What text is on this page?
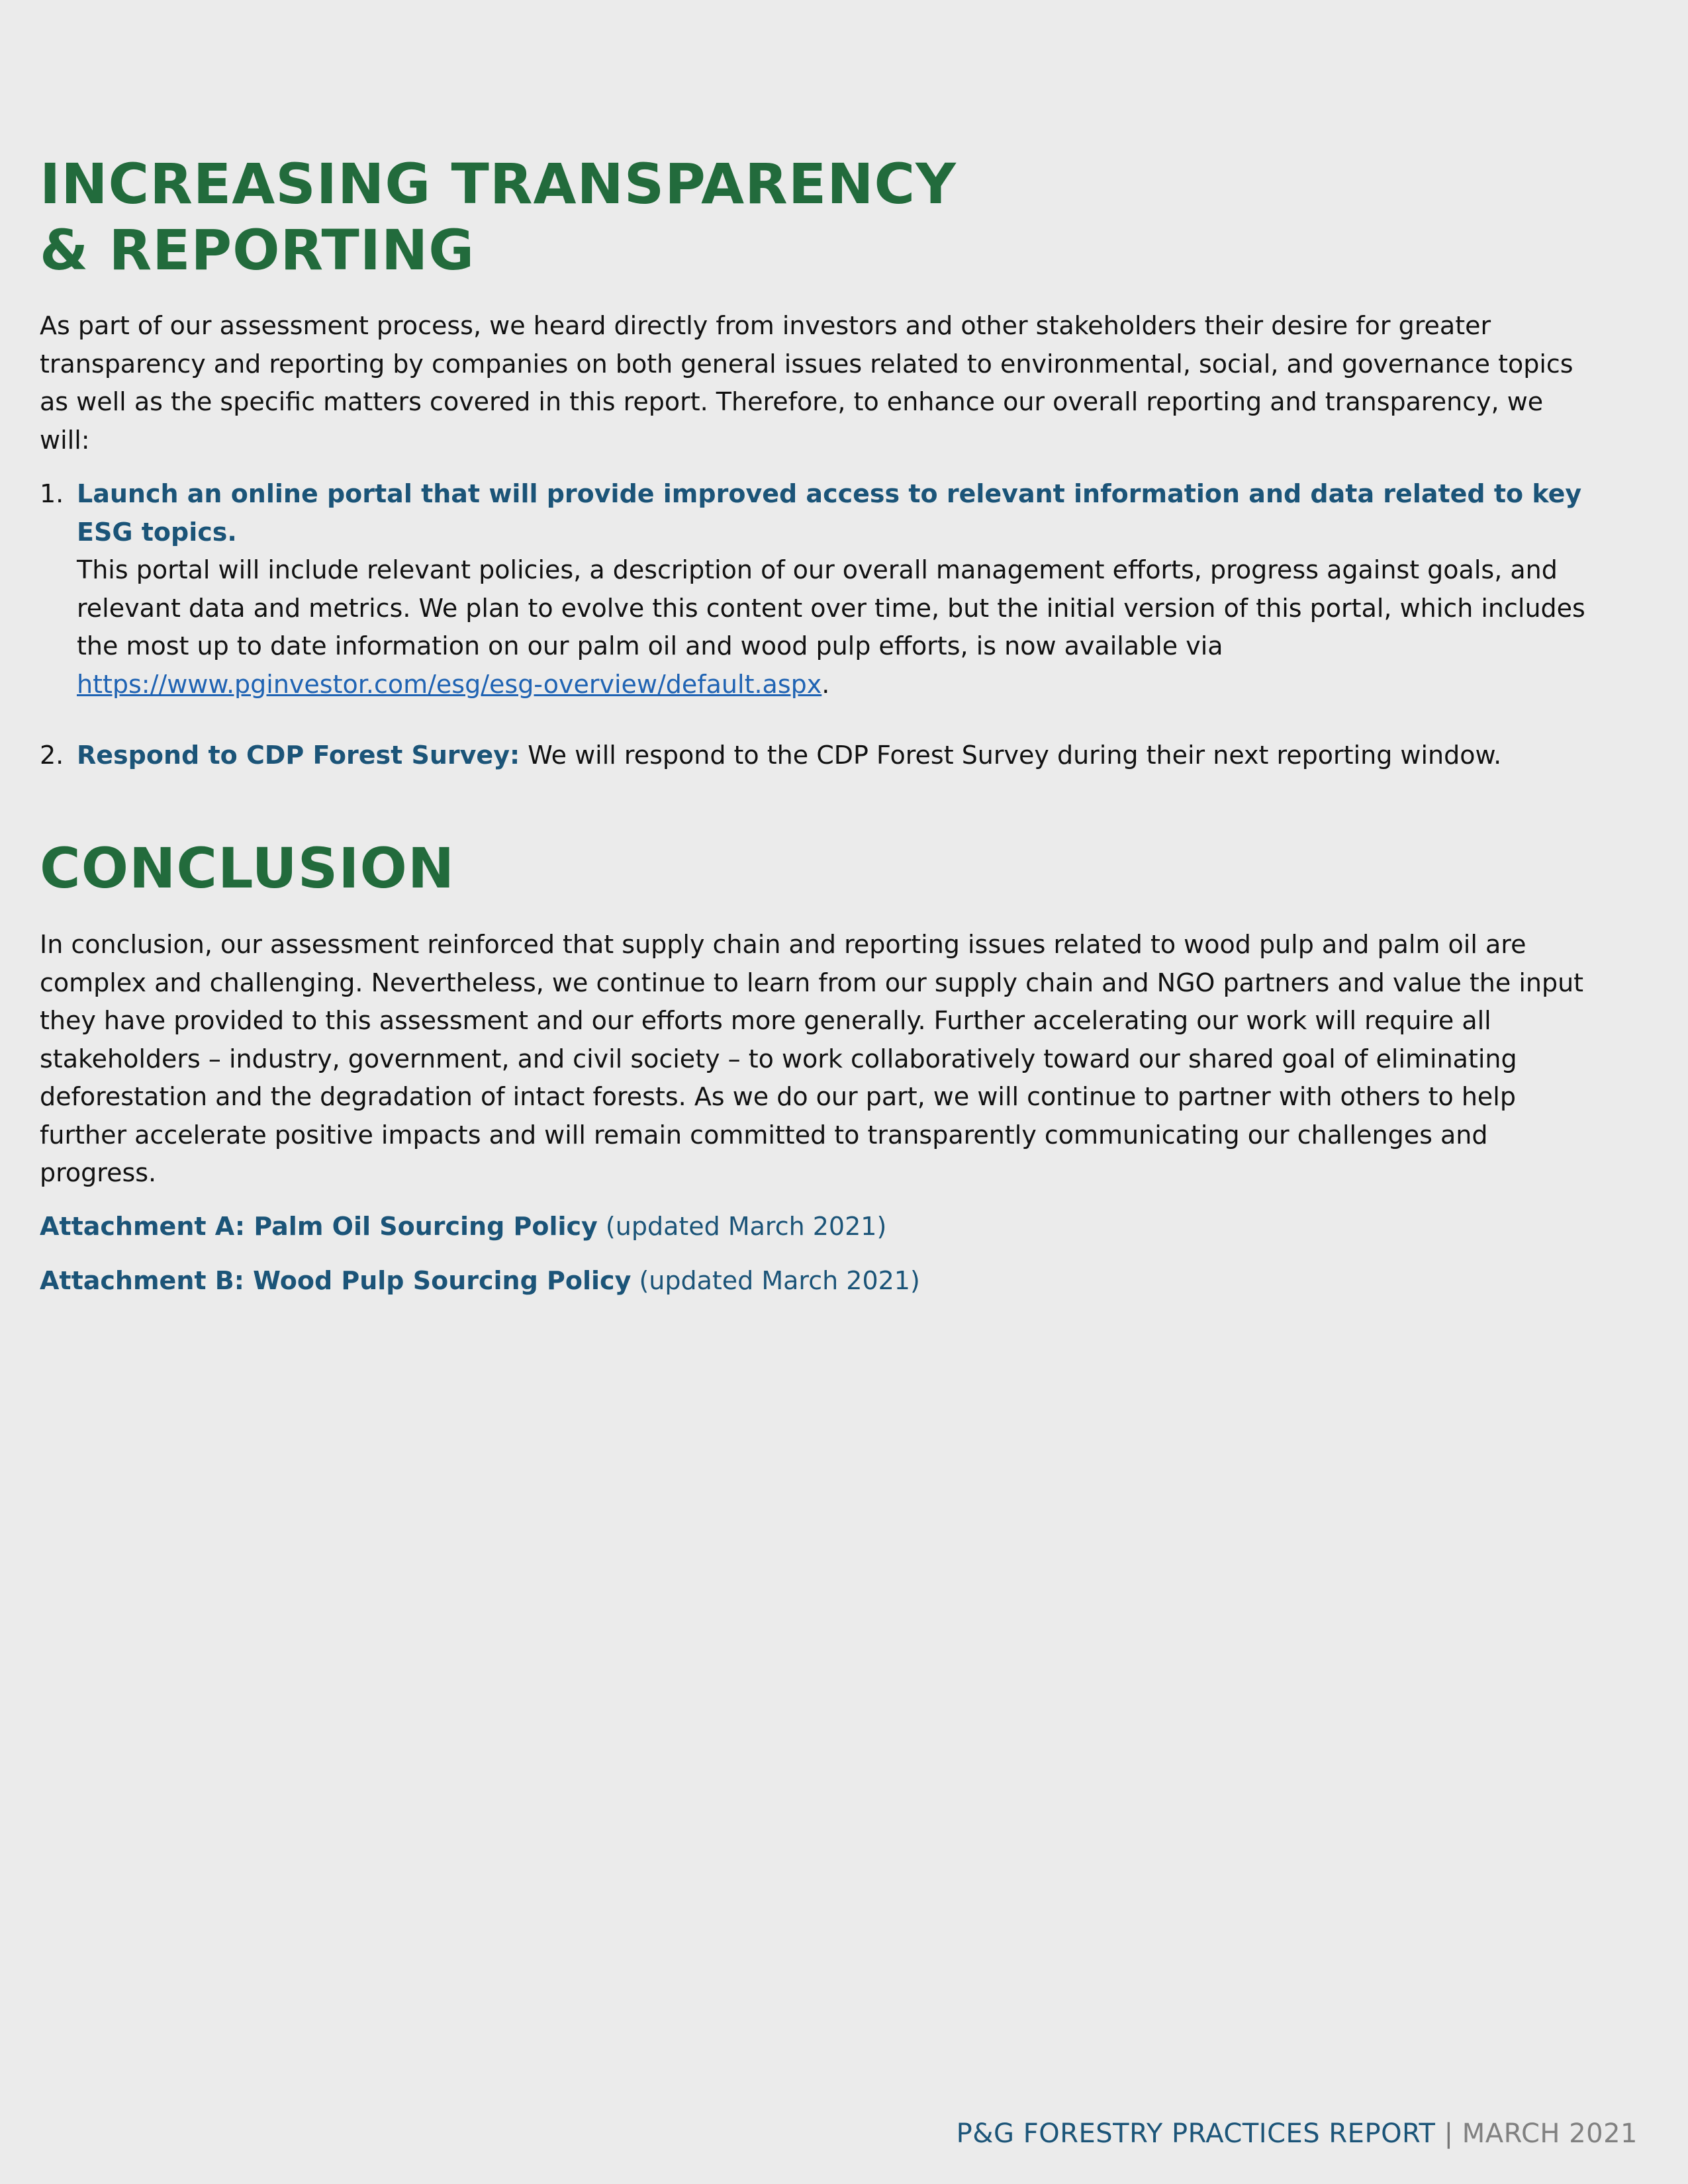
INCREASING TRANSPARENCY
& REPORTING

As part of our assessment process, we heard directly from investors and other stakeholders their desire for greater transparency and reporting by companies on both general issues related to environmental, social, and governance topics as well as the specific matters covered in this report. Therefore, to enhance our overall reporting and transparency, we will:

1. Launch an online portal that will provide improved access to relevant information and data related to key ESG topics.
This portal will include relevant policies, a description of our overall management efforts, progress against goals, and relevant data and metrics. We plan to evolve this content over time, but the initial version of this portal, which includes the most up to date information on our palm oil and wood pulp efforts, is now available via
https://www.pginvestor.com/esg/esg-overview/default.aspx.
2. Respond to CDP Forest Survey: We will respond to the CDP Forest Survey during their next reporting window.
CONCLUSION

In conclusion, our assessment reinforced that supply chain and reporting issues related to wood pulp and palm oil are complex and challenging. Nevertheless, we continue to learn from our supply chain and NGO partners and value the input they have provided to this assessment and our efforts more generally. Further accelerating our work will require all stakeholders – industry, government, and civil society – to work collaboratively toward our shared goal of eliminating deforestation and the degradation of intact forests. As we do our part, we will continue to partner with others to help further accelerate positive impacts and will remain committed to transparently communicating our challenges and progress.

Attachment A: Palm Oil Sourcing Policy (updated March 2021)
Attachment B: Wood Pulp Sourcing Policy (updated March 2021)
P&G FORESTRY PRACTICES REPORT | MARCH 2021
